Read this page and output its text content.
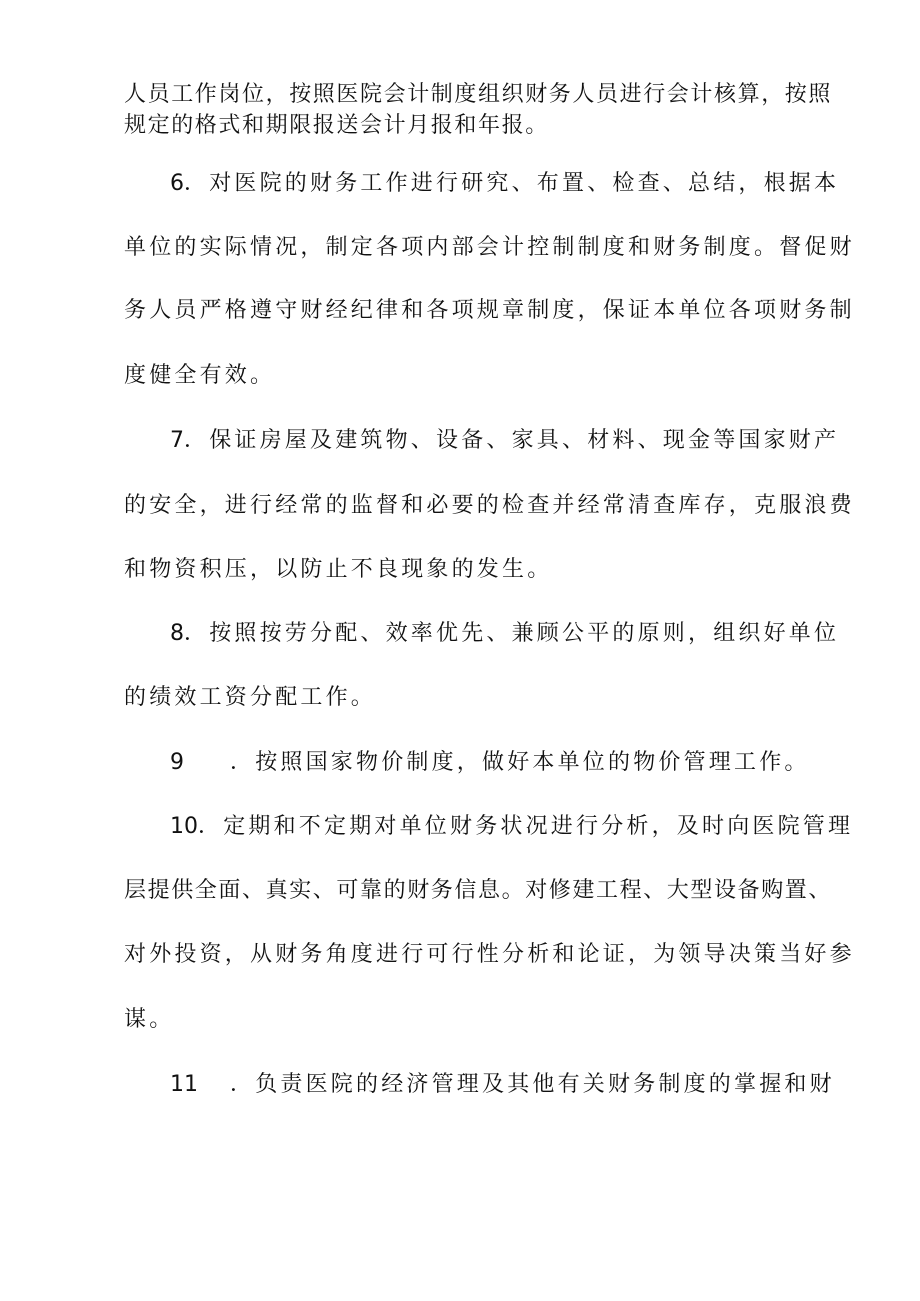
人员工作岗位，按照医院会计制度组织财务人员进行会计核算，按照
规定的格式和期限报送会计月报和年报。
6．对医院的财务工作进行研究、布置、检查、总结，根据本
单位的实际情况，制定各项内部会计控制制度和财务制度。督促财
务人员严格遵守财经纪律和各项规章制度，保证本单位各项财务制
度健全有效。
7．保证房屋及建筑物、设备、家具、材料、现金等国家财产
的安全，进行经常的监督和必要的检查并经常清查库存，克服浪费
和物资积压，以防止不良现象的发生。
8．按照按劳分配、效率优先、兼顾公平的原则，组织好单位
的绩效工资分配工作。
9 ．按照国家物价制度，做好本单位的物价管理工作。
10．定期和不定期对单位财务状况进行分析，及时向医院管理
层提供全面、真实、可靠的财务信息。对修建工程、大型设备购置、
对外投资，从财务角度进行可行性分析和论证，为领导决策当好参
谋。
11 ．负责医院的经济管理及其他有关财务制度的掌握和财
